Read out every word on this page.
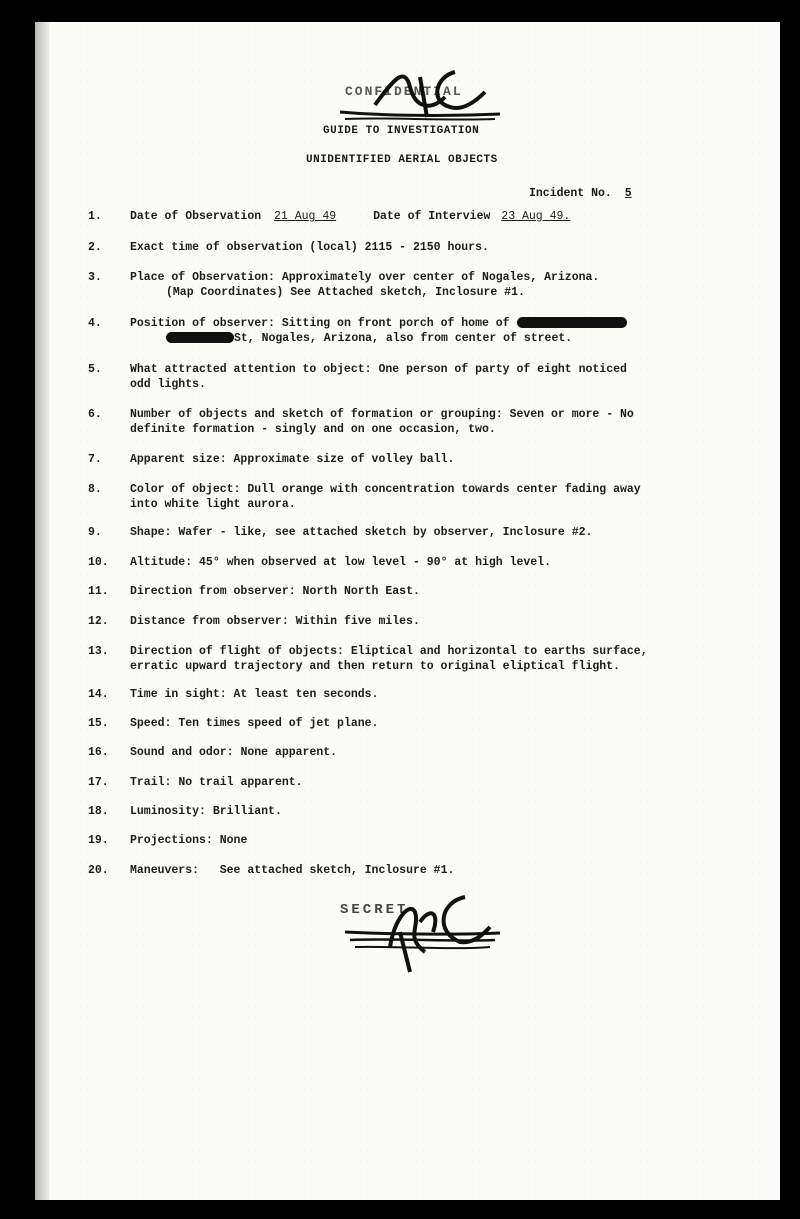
CONFIDENTIAL
GUIDE TO INVESTIGATION
UNIDENTIFIED AERIAL OBJECTS
Incident No. 5
1.	Date of Observation 21 Aug 49	Date of Interview 23 Aug 49.
2.	Exact time of observation (local) 2115 - 2150 hours.
3.	Place of Observation: Approximately over center of Nogales, Arizona.
(Map Coordinates) See Attached sketch, Inclosure #1.
4.	Position of observer: Sitting on front porch of home of
St, Nogales, Arizona, also from center of street.
5.	What attracted attention to object: One person of party of eight noticed
odd lights.
6.	Number of objects and sketch of formation or grouping: Seven or more - No
definite formation - singly and on one occasion, two.
7.	Apparent size: Approximate size of volley ball.
8.	Color of object: Dull orange with concentration towards center fading away
into white light aurora.
9.	Shape: Wafer - like, see attached sketch by observer, Inclosure #2.
10.	Altitude: 45° when observed at low level - 90° at high level.
11.	Direction from observer: North North East.
12.	Distance from observer: Within five miles.
13.	Direction of flight of objects: Eliptical and horizontal to earths surface,
erratic upward trajectory and then return to original eliptical flight.
14.	Time in sight: At least ten seconds.
15.	Speed: Ten times speed of jet plane.
16.	Sound and odor: None apparent.
17.	Trail: No trail apparent.
18.	Luminosity: Brilliant.
19.	Projections: None
20.	Maneuvers: See attached sketch, Inclosure #1.
SECRET
